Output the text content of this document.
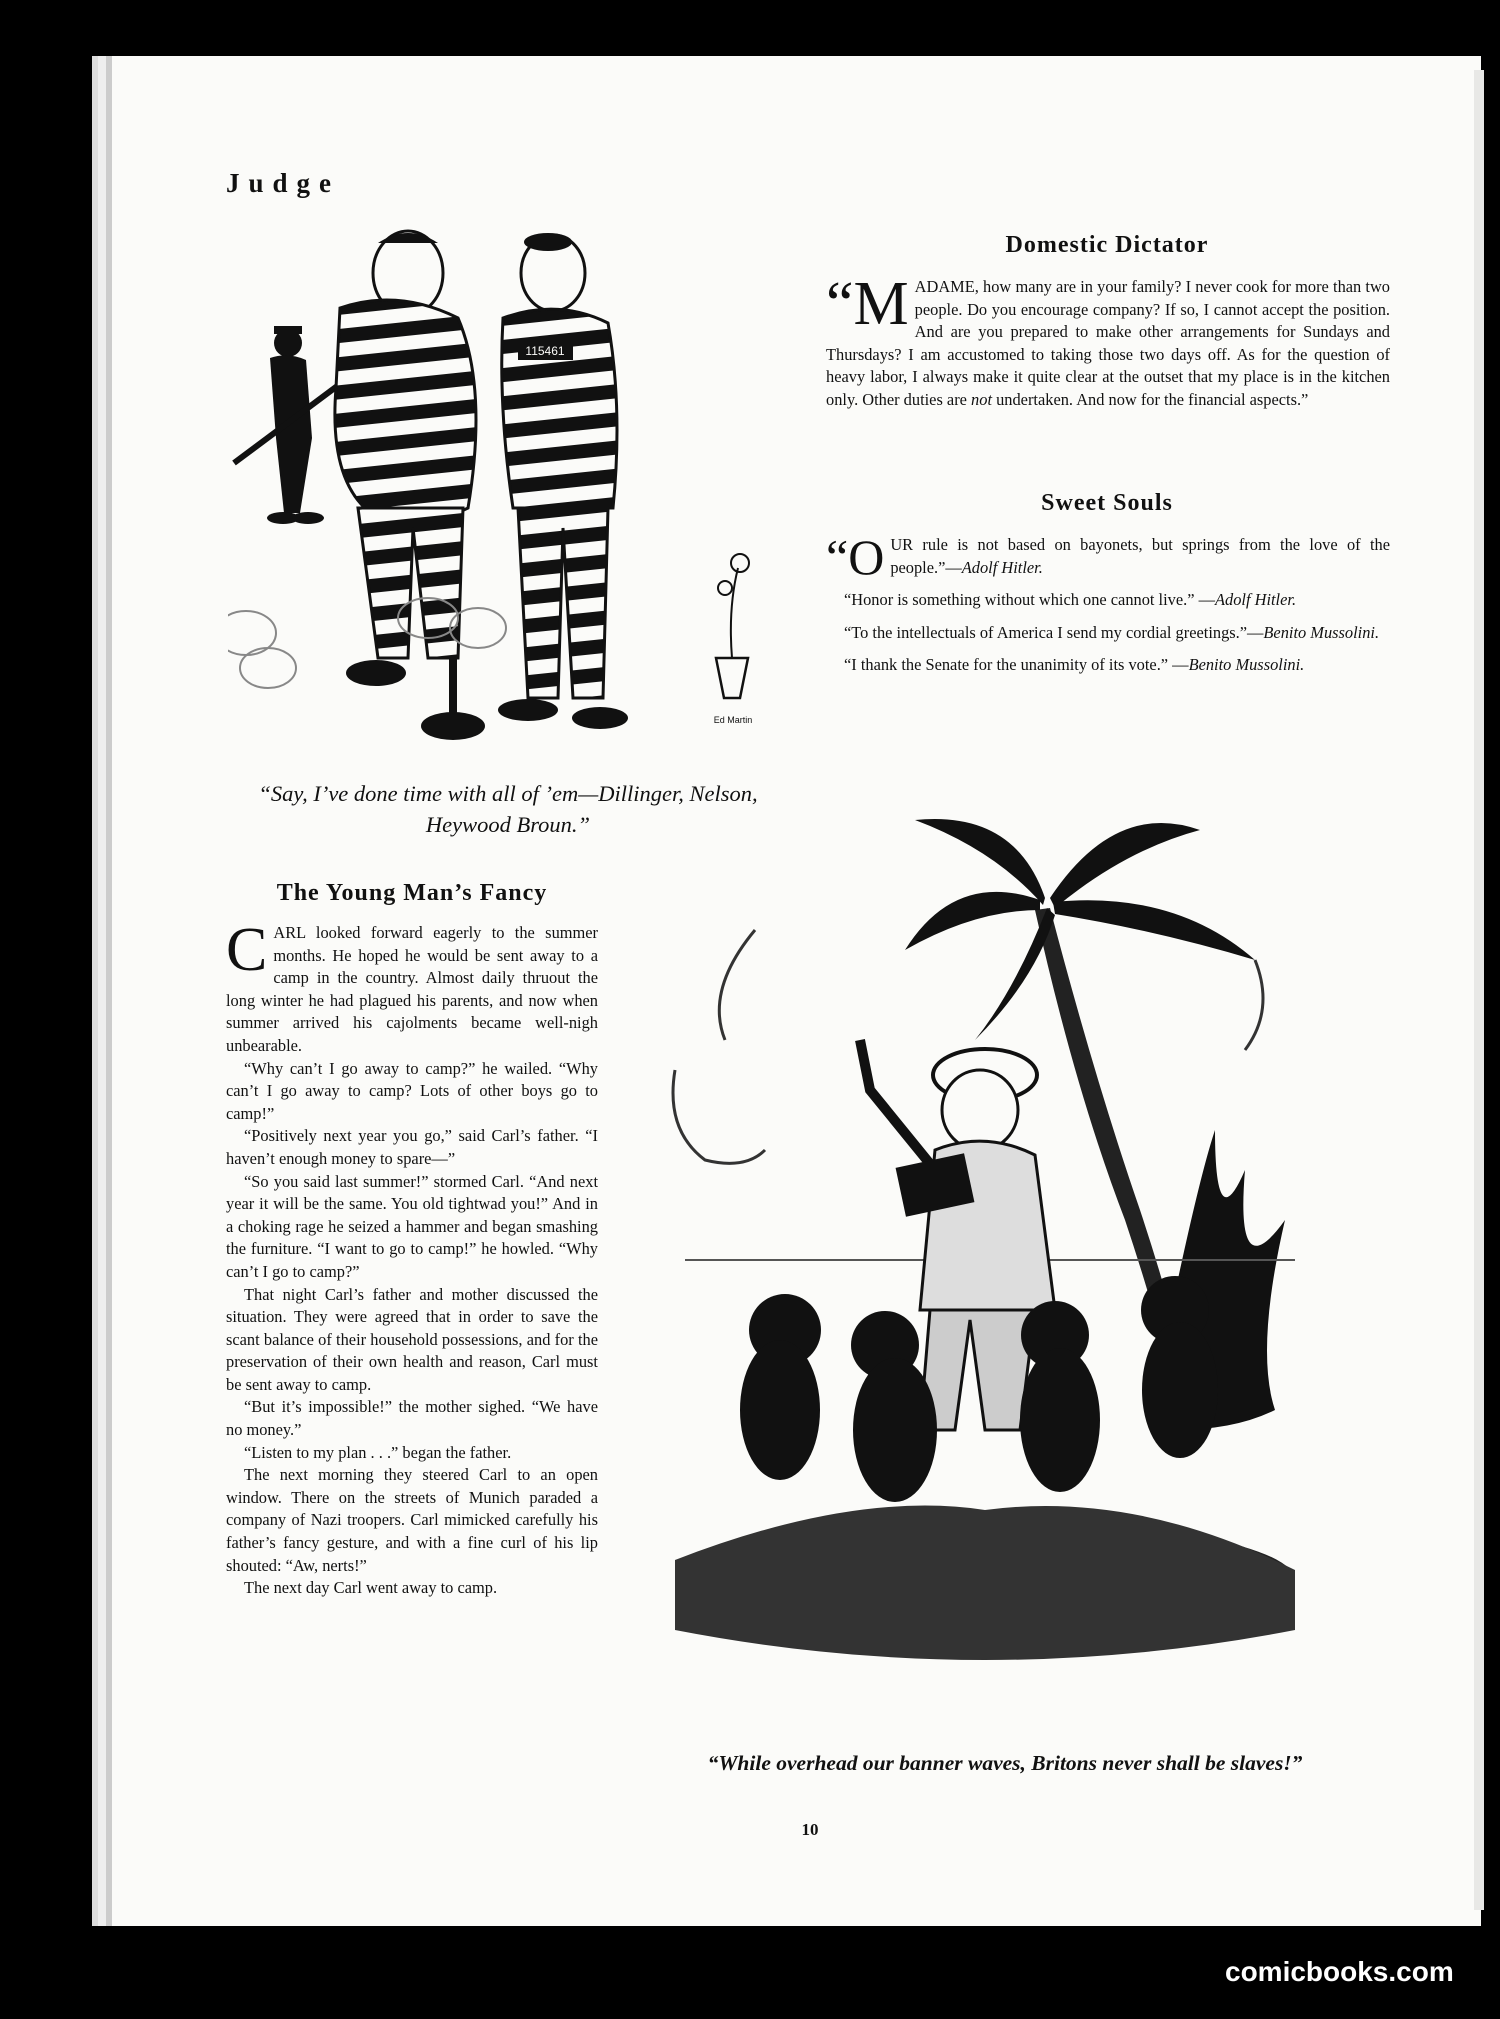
Judge
115461
Ed Martin
“Say, I’ve done time with all of ’em—Dillinger, Nelson, Heywood Broun.”
Domestic Dictator

“M ADAME, how many are in your family? I never cook for more than two people. Do you encourage company? If so, I cannot accept the position. And are you prepared to make other arrangements for Sundays and Thursdays? I am accustomed to taking those two days off. As for the question of heavy labor, I always make it quite clear at the outset that my place is in the kitchen only. Other duties are not undertaken. And now for the financial aspects.”

Sweet Souls

“O UR rule is not based on bayonets, but springs from the love of the people.”—Adolf Hitler.

“Honor is something without which one cannot live.” —Adolf Hitler.

“To the intellectuals of America I send my cordial greetings.”—Benito Mussolini.

“I thank the Senate for the unanimity of its vote.” —Benito Mussolini.

The Young Man’s Fancy

CARL looked forward eagerly to the summer months. He hoped he would be sent away to a camp in the country. Almost daily thruout the long winter he had plagued his parents, and now when summer arrived his cajolments became well-nigh unbearable.

“Why can’t I go away to camp?” he wailed. “Why can’t I go away to camp? Lots of other boys go to camp!”

“Positively next year you go,” said Carl’s father. “I haven’t enough money to spare—”

“So you said last summer!” stormed Carl. “And next year it will be the same. You old tightwad you!” And in a choking rage he seized a hammer and began smashing the furniture. “I want to go to camp!” he howled. “Why can’t I go to camp?”

That night Carl’s father and mother discussed the situation. They were agreed that in order to save the scant balance of their household possessions, and for the preservation of their own health and reason, Carl must be sent away to camp.

“But it’s impossible!” the mother sighed. “We have no money.”

“Listen to my plan . . .” began the father.

The next morning they steered Carl to an open window. There on the streets of Munich paraded a company of Nazi troopers. Carl mimicked carefully his father’s fancy gesture, and with a fine curl of his lip shouted: “Aw, nerts!”

The next day Carl went away to camp.

“While overhead our banner waves, Britons never shall be slaves!”
10
comicbooks.com
